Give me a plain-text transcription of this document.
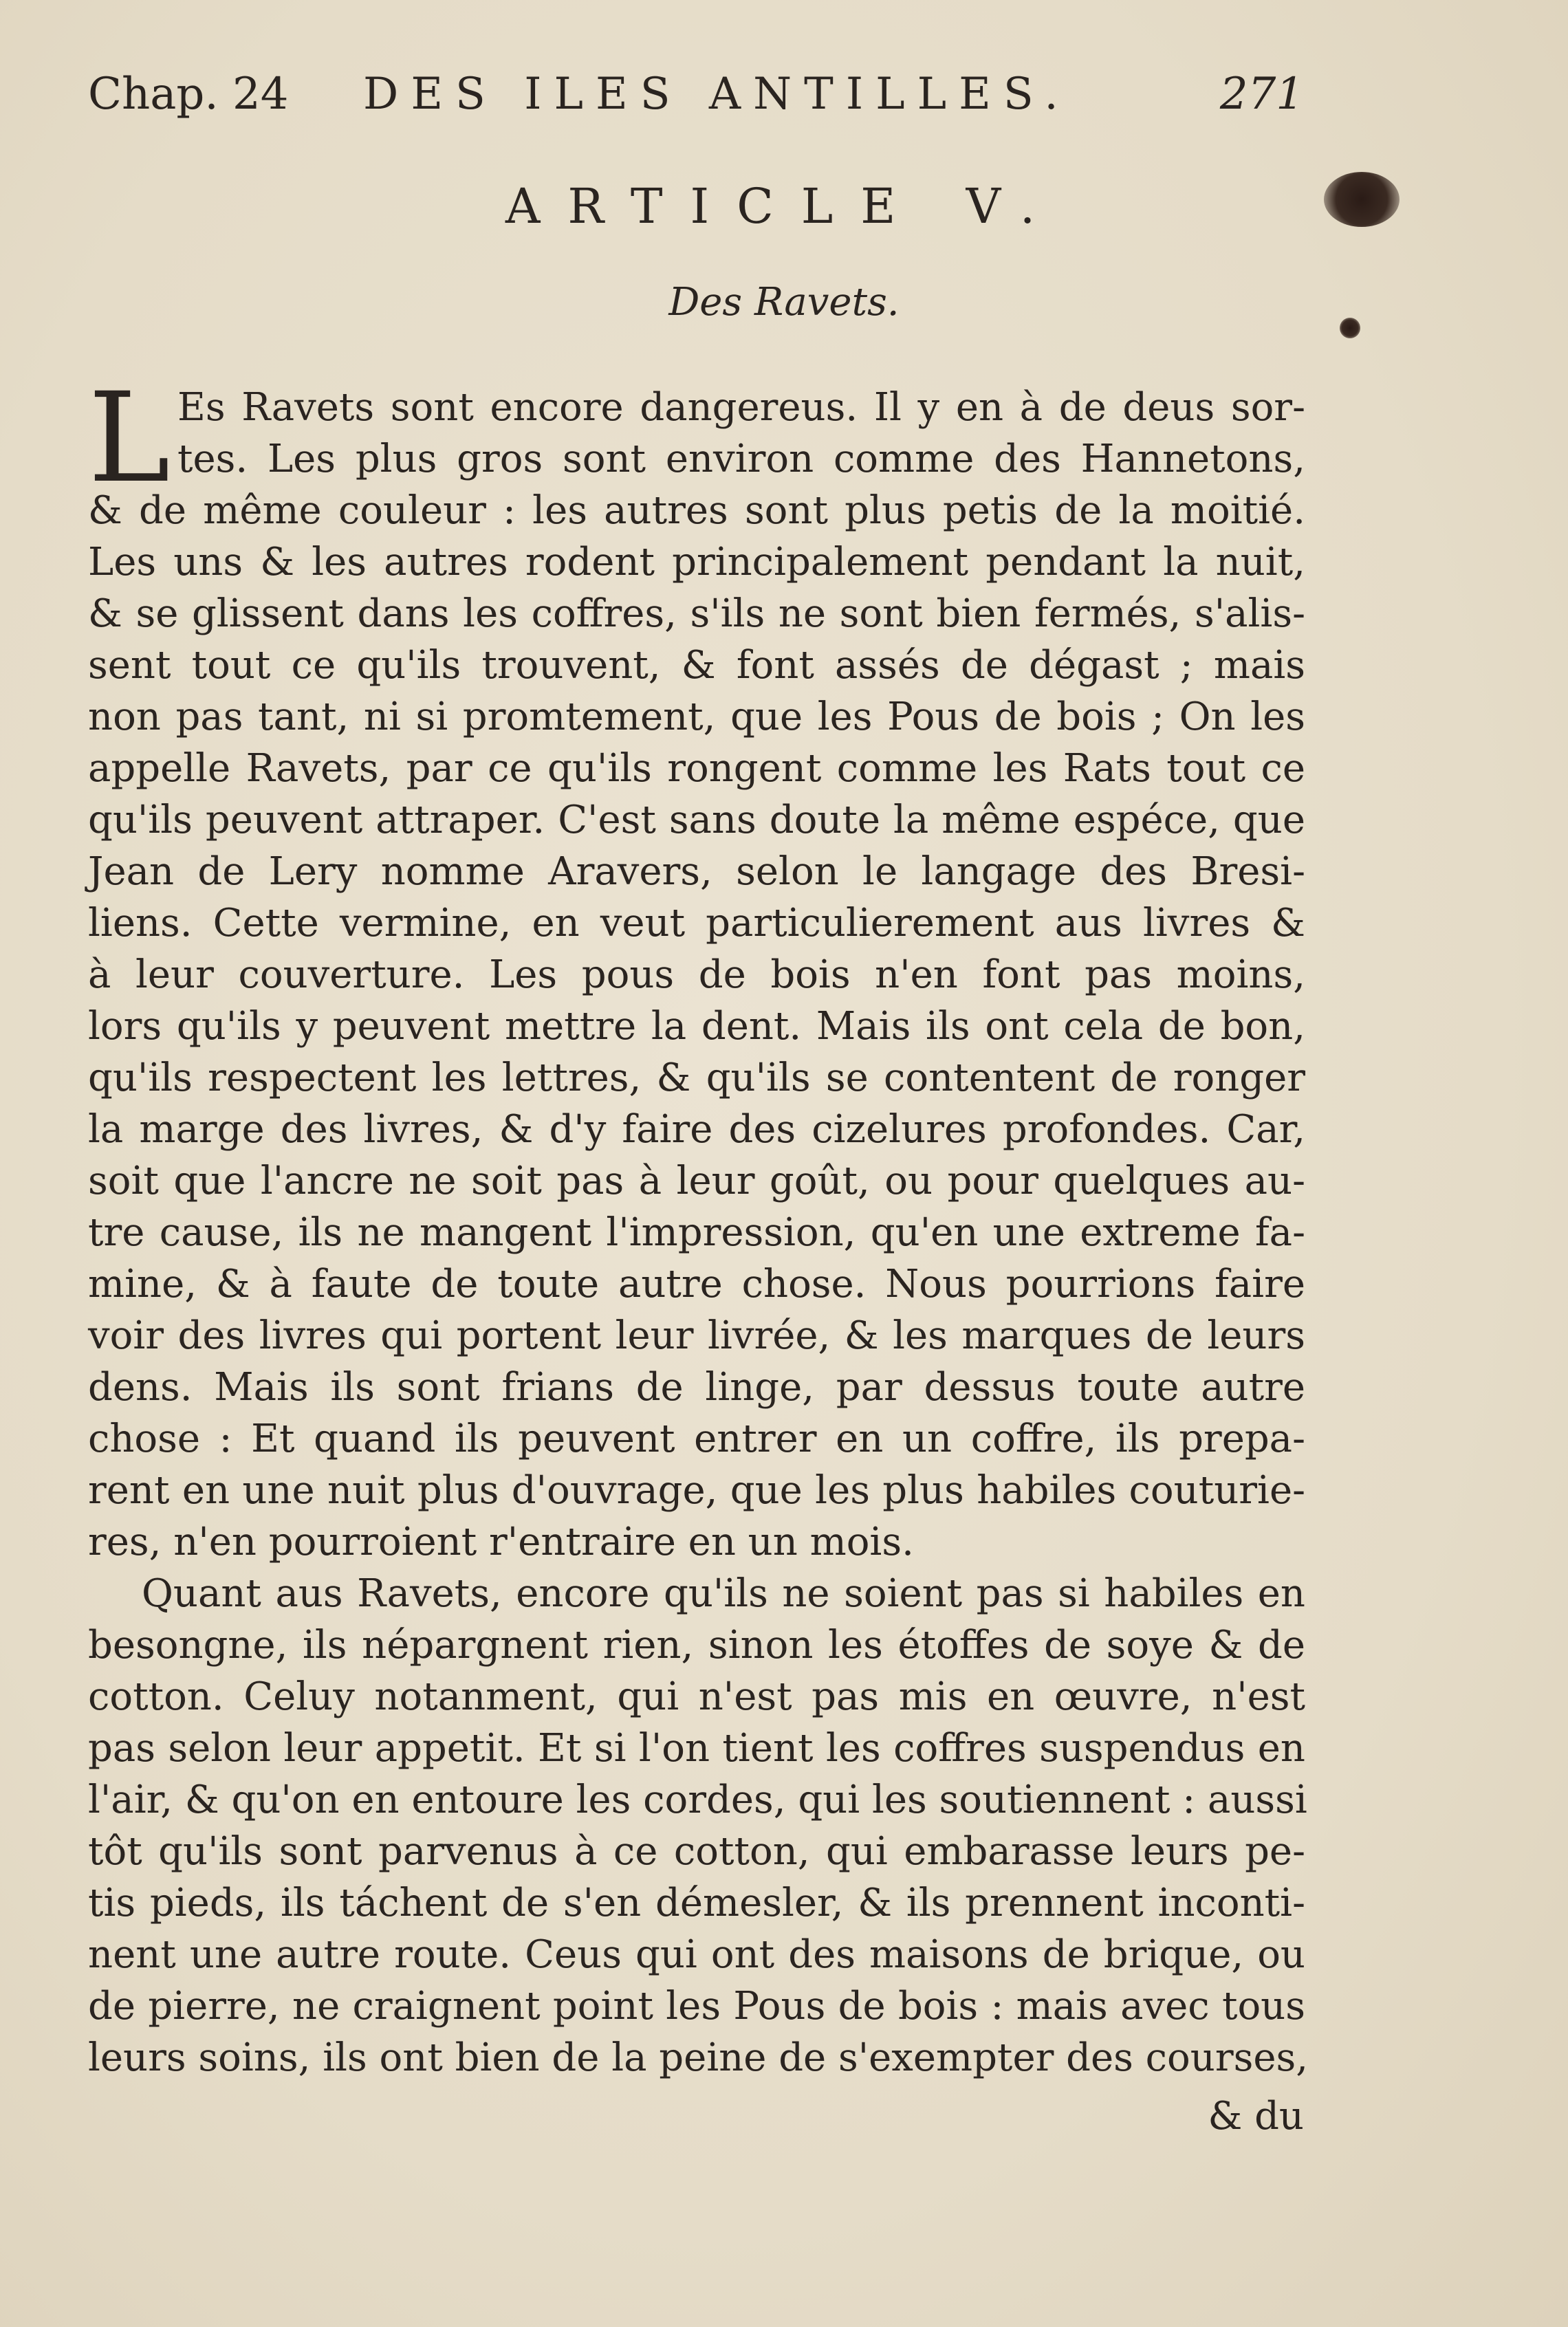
Chap. 24 DES ILES ANTILLES.	271
ARTICLE V.
Des Ravets.
L Es Ravets sont encore dangereus. Il y en à de deus sor-
tes. Les plus gros sont environ comme des Hannetons,
& de même couleur : les autres sont plus petis de la moitié.
Les uns & les autres rodent principalement pendant la nuit,
& se glissent dans les coffres, s'ils ne sont bien fermés, s'alis-
sent tout ce qu'ils trouvent, & font assés de dégast ; mais
non pas tant, ni si promtement, que les Pous de bois ; On les
appelle Ravets, par ce qu'ils rongent comme les Rats tout ce
qu'ils peuvent attraper. C'est sans doute la même espéce, que
Jean de Lery nomme Aravers, selon le langage des Bresi-
liens. Cette vermine, en veut particulierement aus livres &
à leur couverture. Les pous de bois n'en font pas moins,
lors qu'ils y peuvent mettre la dent. Mais ils ont cela de bon,
qu'ils respectent les lettres, & qu'ils se contentent de ronger
la marge des livres, & d'y faire des cizelures profondes. Car,
soit que l'ancre ne soit pas à leur goût, ou pour quelques au-
tre cause, ils ne mangent l'impression, qu'en une extreme fa-
mine, & à faute de toute autre chose. Nous pourrions faire
voir des livres qui portent leur livrée, & les marques de leurs
dens. Mais ils sont frians de linge, par dessus toute autre
chose : Et quand ils peuvent entrer en un coffre, ils prepa-
rent en une nuit plus d'ouvrage, que les plus habiles couturie-
res, n'en pourroient r'entraire en un mois.
Quant aus Ravets, encore qu'ils ne soient pas si habiles en
besongne, ils népargnent rien, sinon les étoffes de soye & de
cotton. Celuy notanment, qui n'est pas mis en œuvre, n'est
pas selon leur appetit. Et si l'on tient les coffres suspendus en
l'air, & qu'on en entoure les cordes, qui les soutiennent : aussi
tôt qu'ils sont parvenus à ce cotton, qui embarasse leurs pe-
tis pieds, ils táchent de s'en démesler, & ils prennent inconti-
nent une autre route. Ceus qui ont des maisons de brique, ou
de pierre, ne craignent point les Pous de bois : mais avec tous
leurs soins, ils ont bien de la peine de s'exempter des courses,
& du
